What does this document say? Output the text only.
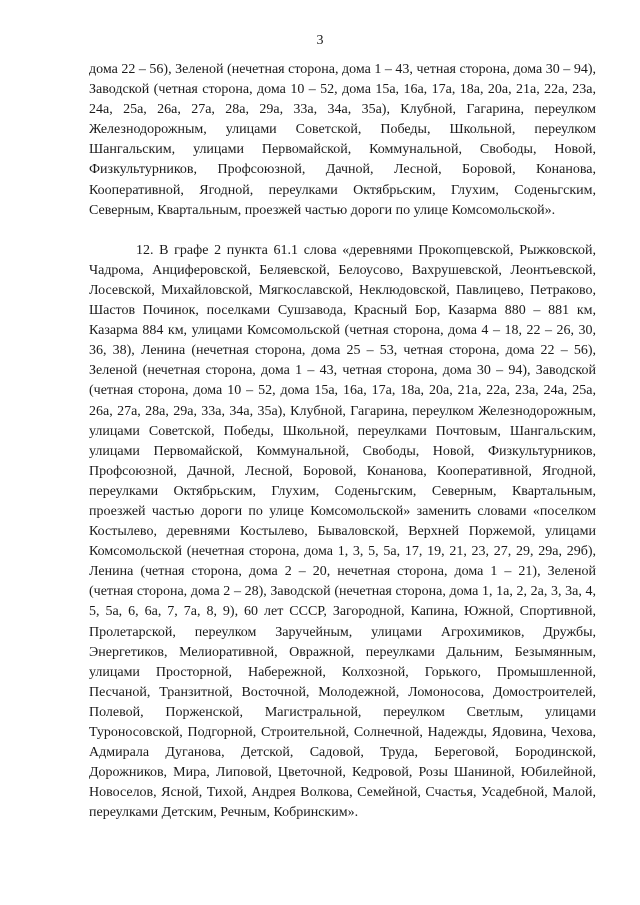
3

дома 22 – 56), Зеленой (нечетная сторона, дома 1 – 43, четная сторона, дома 30 – 94), Заводской (четная сторона, дома 10 – 52, дома 15а, 16а, 17а, 18а, 20а, 21а, 22а, 23а, 24а, 25а, 26а, 27а, 28а, 29а, 33а, 34а, 35а), Клубной, Гагарина, переулком Железнодорожным, улицами Советской, Победы, Школьной, переулком Шангальским, улицами Первомайской, Коммунальной, Свободы, Новой, Физкультурников, Профсоюзной, Дачной, Лесной, Боровой, Конанова, Кооперативной, Ягодной, переулками Октябрьским, Глухим, Соденьгским, Северным, Квартальным, проезжей частью дороги по улице Комсомольской».

12. В графе 2 пункта 61.1 слова «деревнями Прокопцевской, Рыжковской, Чадрома, Анциферовской, Беляевской, Белоусово, Вахрушевской, Леонтьевской, Лосевской, Михайловской, Мягкославской, Неклюдовской, Павлицево, Петраково, Шастов Починок, поселками Сушзавода, Красный Бор, Казарма 880 – 881 км, Казарма 884 км, улицами Комсомольской (четная сторона, дома 4 – 18, 22 – 26, 30, 36, 38), Ленина (нечетная сторона, дома 25 – 53, четная сторона, дома 22 – 56), Зеленой (нечетная сторона, дома 1 – 43, четная сторона, дома 30 – 94), Заводской (четная сторона, дома 10 – 52, дома 15а, 16а, 17а, 18а, 20а, 21а, 22а, 23а, 24а, 25а, 26а, 27а, 28а, 29а, 33а, 34а, 35а), Клубной, Гагарина, переулком Железнодорожным, улицами Советской, Победы, Школьной, переулками Почтовым, Шангальским, улицами Первомайской, Коммунальной, Свободы, Новой, Физкультурников, Профсоюзной, Дачной, Лесной, Боровой, Конанова, Кооперативной, Ягодной, переулками Октябрьским, Глухим, Соденьгским, Северным, Квартальным, проезжей частью дороги по улице Комсомольской» заменить словами «поселком Костылево, деревнями Костылево, Бываловской, Верхней Поржемой, улицами Комсомольской (нечетная сторона, дома 1, 3, 5, 5а, 17, 19, 21, 23, 27, 29, 29а, 29б), Ленина (четная сторона, дома 2 – 20, нечетная сторона, дома 1 – 21), Зеленой (четная сторона, дома 2 – 28), Заводской (нечетная сторона, дома 1, 1а, 2, 2а, 3, 3а, 4, 5, 5а, 6, 6а, 7, 7а, 8, 9), 60 лет СССР, Загородной, Капина, Южной, Спортивной, Пролетарской, переулком Заручейным, улицами Агрохимиков, Дружбы, Энергетиков, Мелиоративной, Овражной, переулками Дальним, Безымянным, улицами Просторной, Набережной, Колхозной, Горького, Промышленной, Песчаной, Транзитной, Восточной, Молодежной, Ломоносова, Домостроителей, Полевой, Порженской, Магистральной, переулком Светлым, улицами Туроносовской, Подгорной, Строительной, Солнечной, Надежды, Ядовина, Чехова, Адмирала Дуганова, Детской, Садовой, Труда, Береговой, Бородинской, Дорожников, Мира, Липовой, Цветочной, Кедровой, Розы Шаниной, Юбилейной, Новоселов, Яcной, Тихой, Андрея Волкова, Семейной, Счастья, Усадебной, Малой, переулками Детским, Речным, Кобринским».
